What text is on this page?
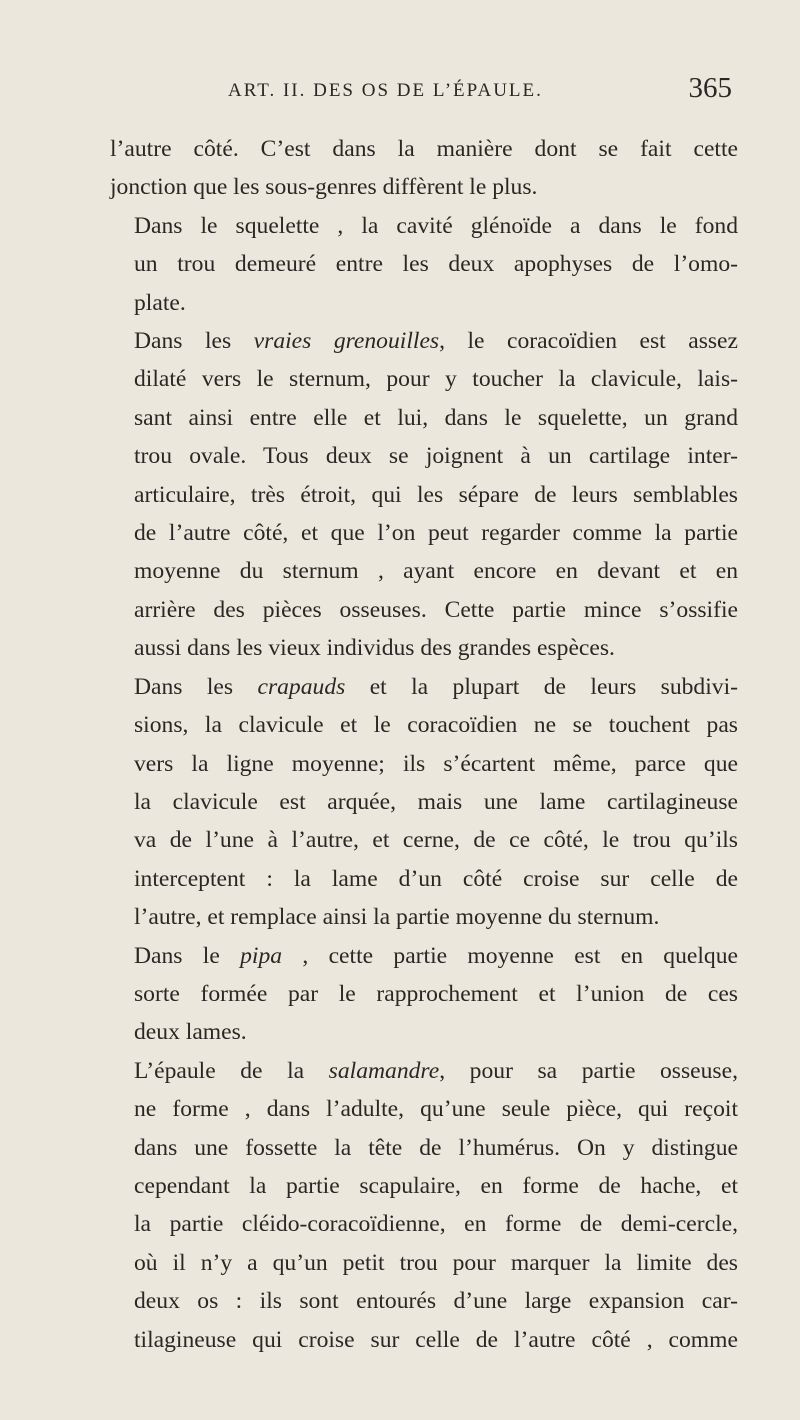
ART. II. DES OS DE L’ÉPAULE.	365

l’autre côté. C’est dans la manière dont se fait cette
jonction que les sous-genres diffèrent le plus.

Dans le squelette , la cavité glénoïde a dans le fond
un trou demeuré entre les deux apophyses de l’omo-
plate.

Dans les vraies grenouilles, le coracoïdien est assez
dilaté vers le sternum, pour y toucher la clavicule, lais-
sant ainsi entre elle et lui, dans le squelette, un grand
trou ovale. Tous deux se joignent à un cartilage inter-
articulaire, très étroit, qui les sépare de leurs semblables
de l’autre côté, et que l’on peut regarder comme la partie
moyenne du sternum , ayant encore en devant et en
arrière des pièces osseuses. Cette partie mince s’ossifie
aussi dans les vieux individus des grandes espèces.

Dans les crapauds et la plupart de leurs subdivi-
sions, la clavicule et le coracoïdien ne se touchent pas
vers la ligne moyenne; ils s’écartent même, parce que
la clavicule est arquée, mais une lame cartilagineuse
va de l’une à l’autre, et cerne, de ce côté, le trou qu’ils
interceptent : la lame d’un côté croise sur celle de
l’autre, et remplace ainsi la partie moyenne du sternum.

Dans le pipa , cette partie moyenne est en quelque
sorte formée par le rapprochement et l’union de ces
deux lames.

L’épaule de la salamandre, pour sa partie osseuse,
ne forme , dans l’adulte, qu’une seule pièce, qui reçoit
dans une fossette la tête de l’humérus. On y distingue
cependant la partie scapulaire, en forme de hache, et
la partie cléido-coracoïdienne, en forme de demi-cercle,
où il n’y a qu’un petit trou pour marquer la limite des
deux os : ils sont entourés d’une large expansion car-
tilagineuse qui croise sur celle de l’autre côté , comme
